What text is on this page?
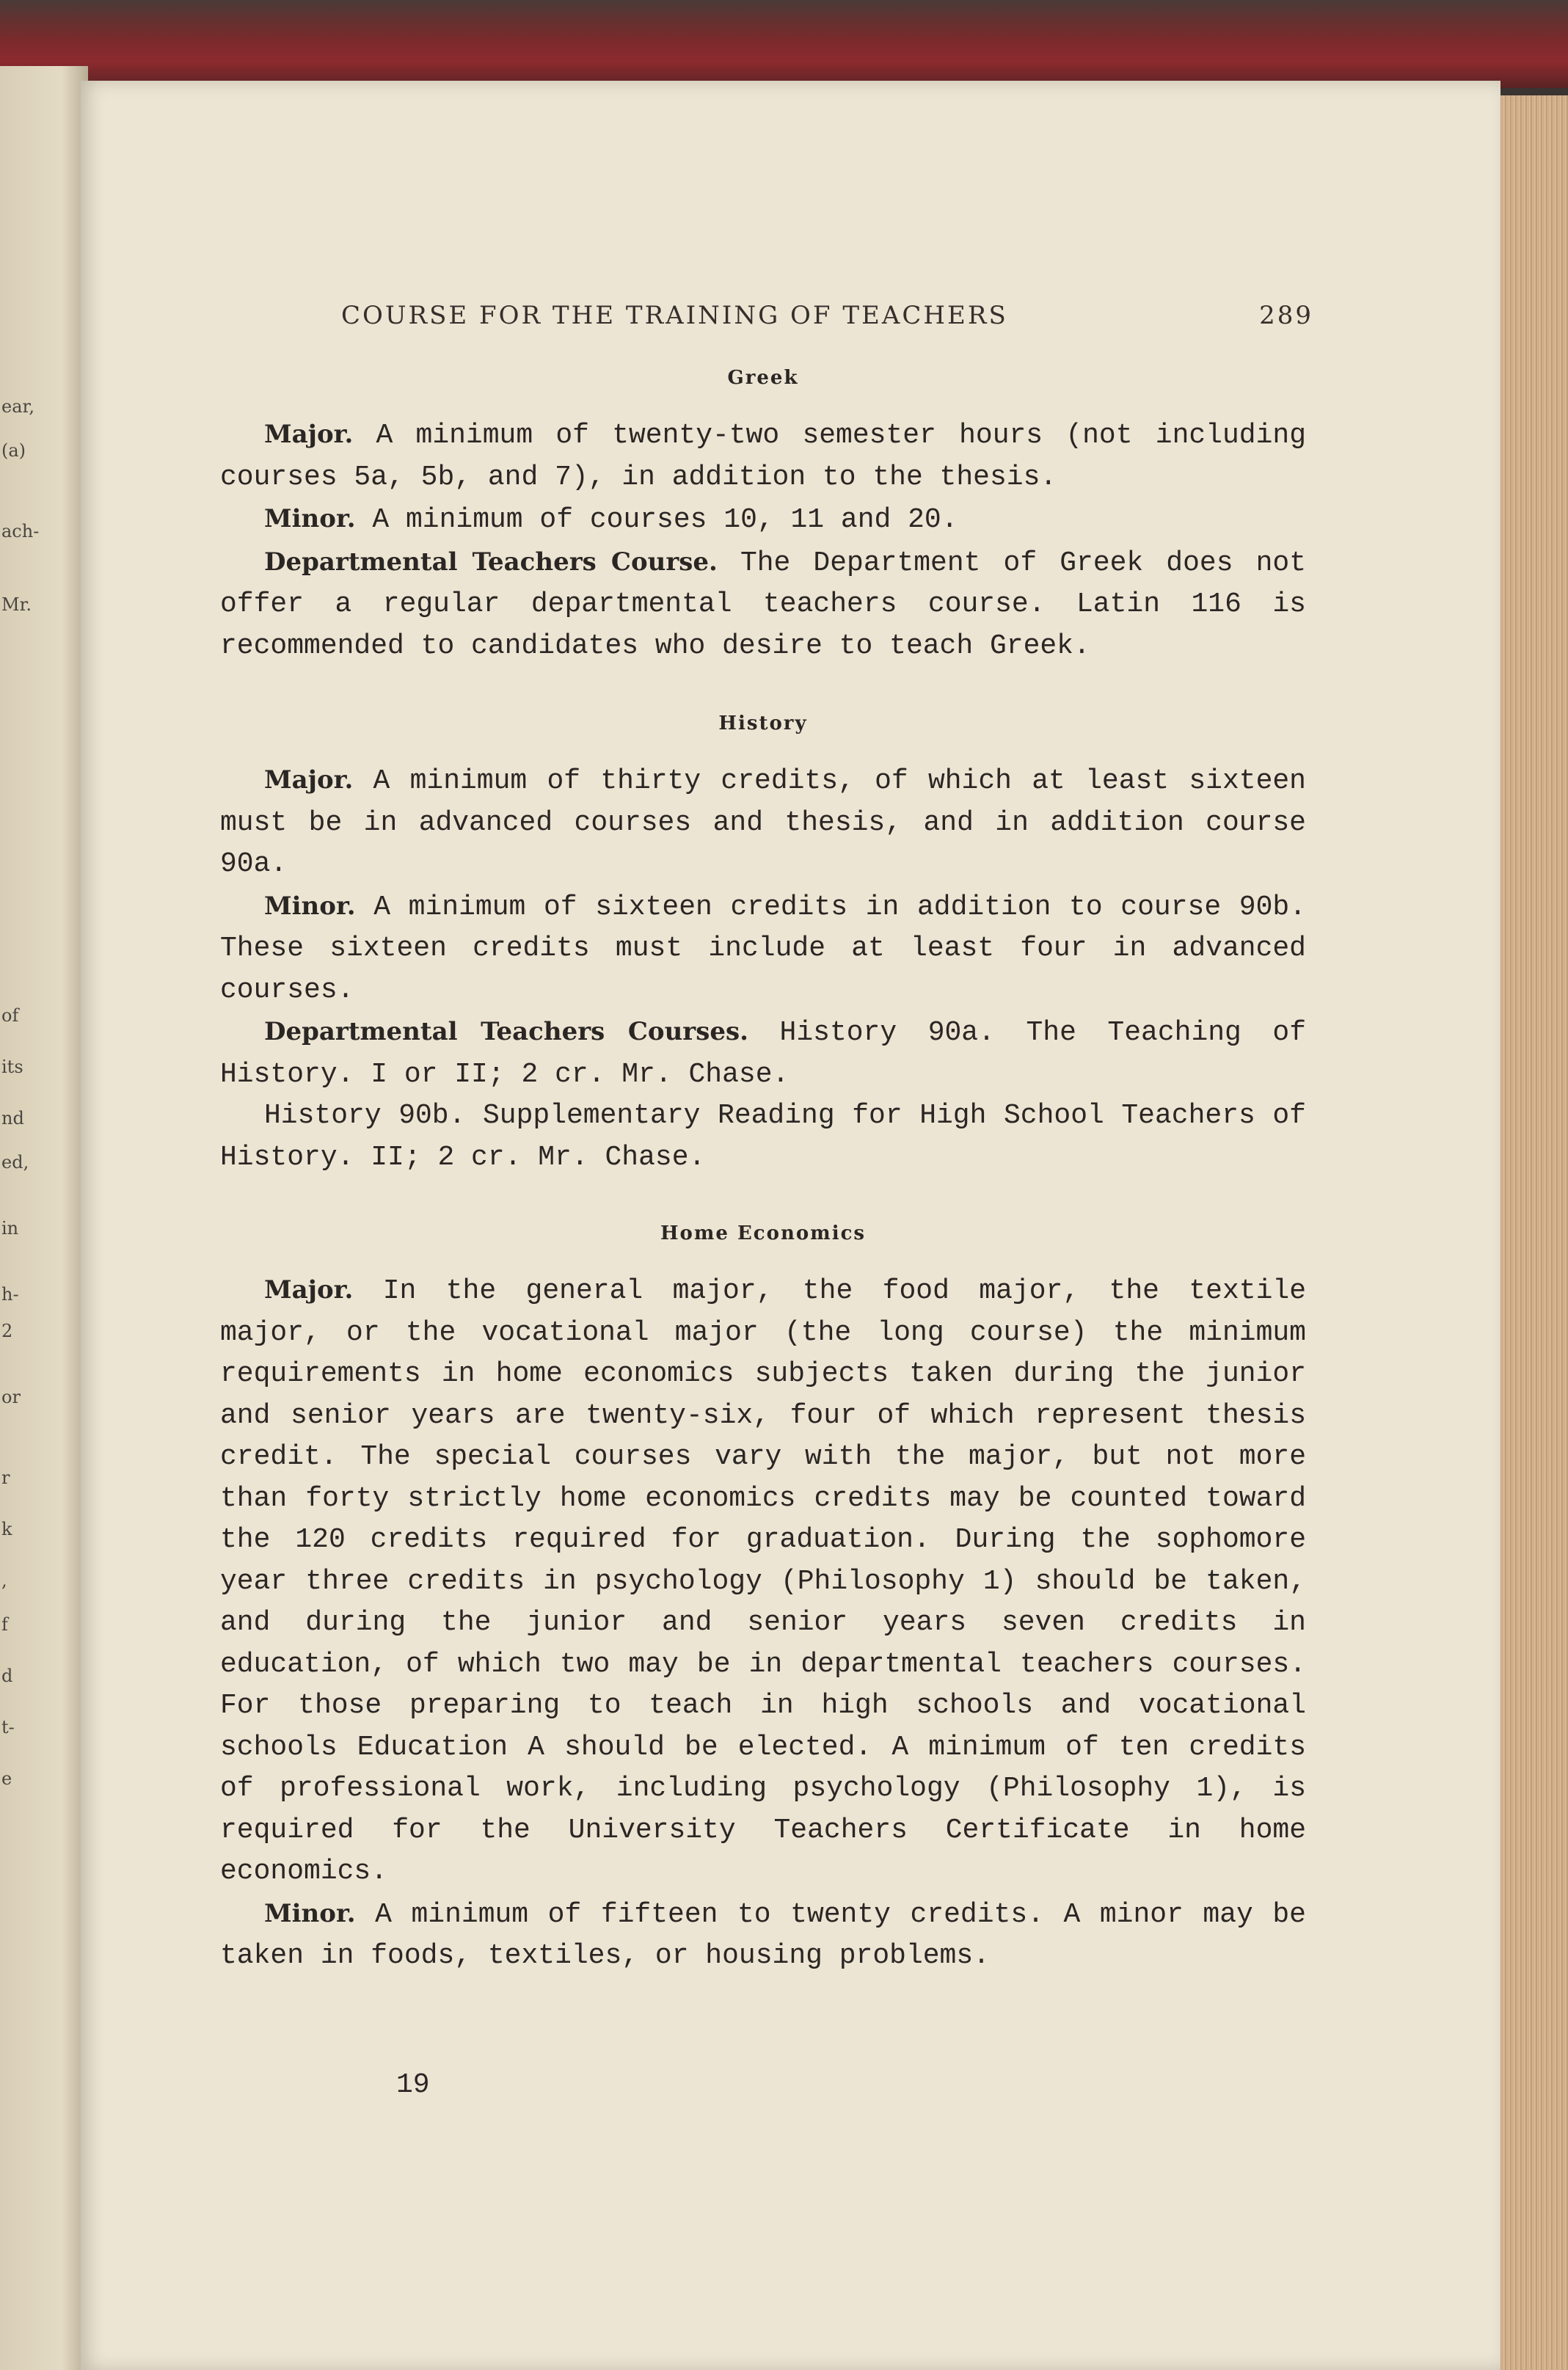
ear,
(a)
ach-
Mr.
of
its
nd
ed,
in
h-
2
or
r
k
,
f
d
t-
e
COURSE FOR THE TRAINING OF TEACHERS	289
Greek

Major. A minimum of twenty-two semester hours (not including courses 5a, 5b, and 7), in addition to the thesis.

Minor. A minimum of courses 10, 11 and 20.

Departmental Teachers Course. The Department of Greek does not offer a regular departmental teachers course. Latin 116 is recommended to candidates who desire to teach Greek.

History

Major. A minimum of thirty credits, of which at least sixteen must be in advanced courses and thesis, and in addition course 90a.

Minor. A minimum of sixteen credits in addition to course 90b. These sixteen credits must include at least four in advanced courses.

Departmental Teachers Courses. History 90a. The Teaching of History. I or II; 2 cr. Mr. Chase.

History 90b. Supplementary Reading for High School Teachers of History. II; 2 cr. Mr. Chase.

Home Economics

Major. In the general major, the food major, the textile major, or the vocational major (the long course) the minimum requirements in home economics subjects taken during the junior and senior years are twenty-six, four of which represent thesis credit. The special courses vary with the major, but not more than forty strictly home economics credits may be counted toward the 120 credits required for graduation. During the sophomore year three credits in psychology (Philosophy 1) should be taken, and during the junior and senior years seven credits in education, of which two may be in departmental teachers courses. For those preparing to teach in high schools and vocational schools Education A should be elected. A minimum of ten credits of professional work, including psychology (Philosophy 1), is required for the University Teachers Certificate in home economics.

Minor. A minimum of fifteen to twenty credits. A minor may be taken in foods, textiles, or housing problems.

19
